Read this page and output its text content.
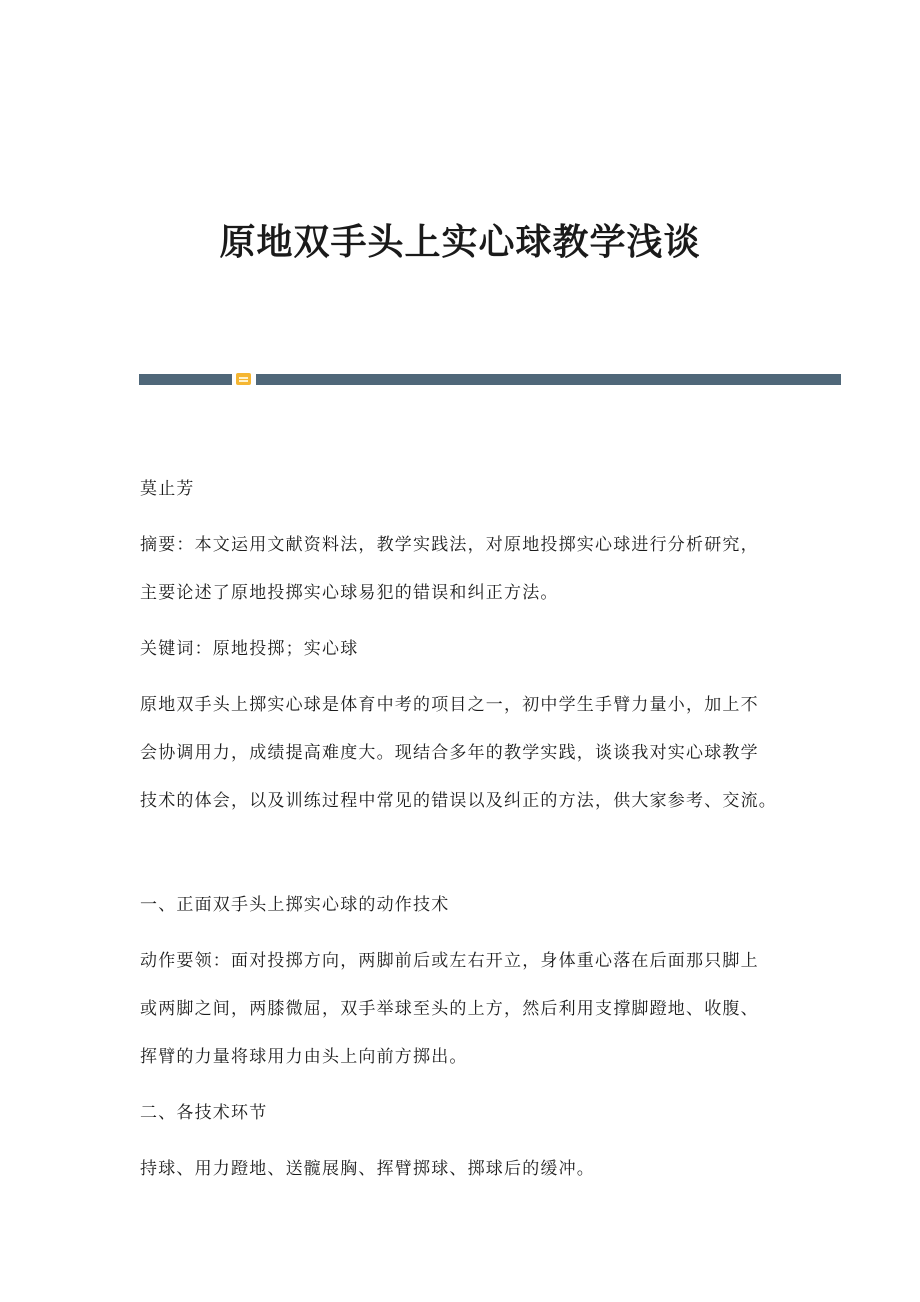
原地双手头上实心球教学浅谈
莫止芳
摘要：本文运用文献资料法，教学实践法，对原地投掷实心球进行分析研究，
主要论述了原地投掷实心球易犯的错误和纠正方法。
关键词：原地投掷；实心球
原地双手头上掷实心球是体育中考的项目之一，初中学生手臂力量小，加上不
会协调用力，成绩提高难度大。现结合多年的教学实践，谈谈我对实心球教学
技术的体会，以及训练过程中常见的错误以及纠正的方法，供大家参考、交流。
一、正面双手头上掷实心球的动作技术
动作要领：面对投掷方向，两脚前后或左右开立，身体重心落在后面那只脚上
或两脚之间，两膝微屈，双手举球至头的上方，然后利用支撑脚蹬地、收腹、
挥臂的力量将球用力由头上向前方掷出。
二、各技术环节
持球、用力蹬地、送髋展胸、挥臂掷球、掷球后的缓冲。
